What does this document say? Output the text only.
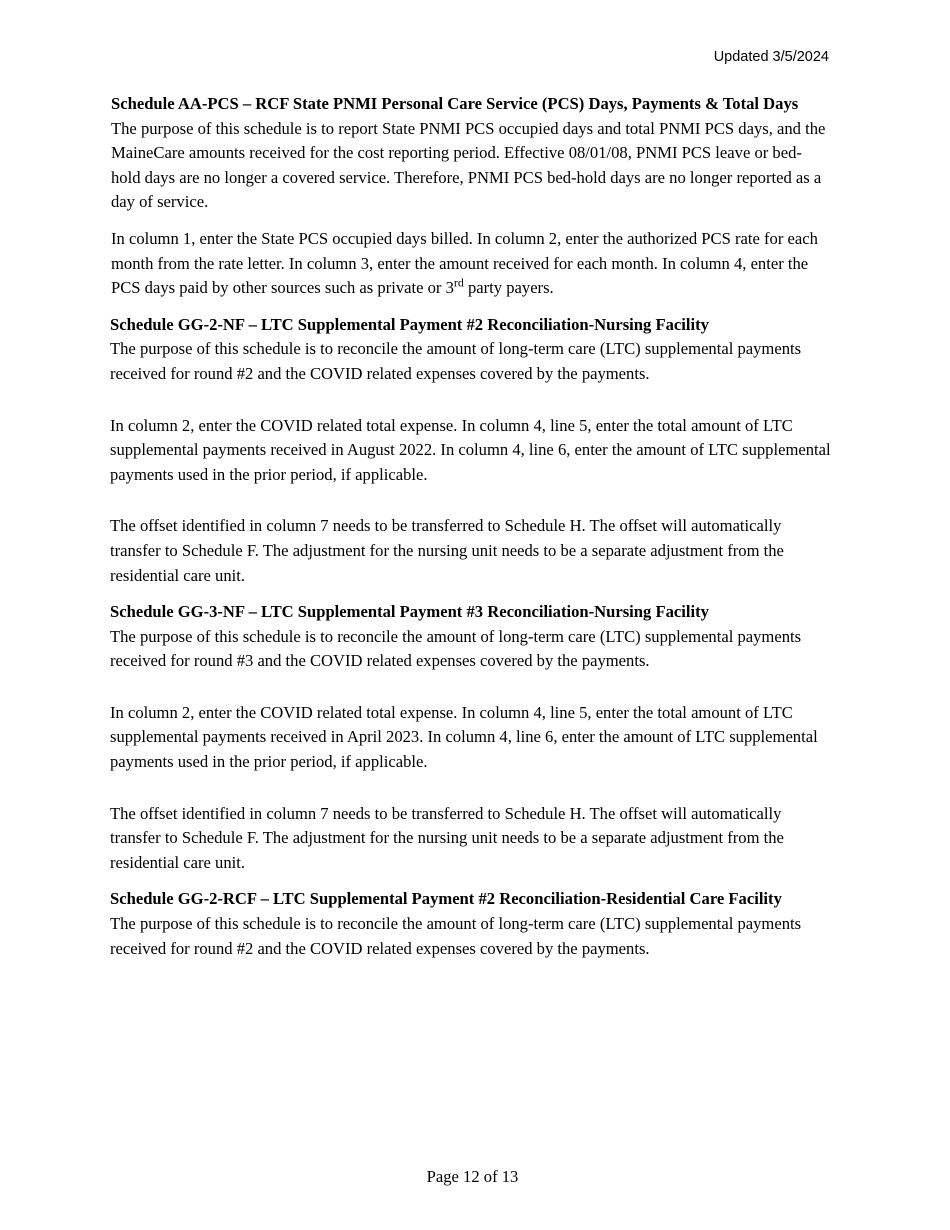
Updated 3/5/2024

Schedule AA-PCS – RCF State PNMI Personal Care Service (PCS) Days, Payments & Total Days

The purpose of this schedule is to report State PNMI PCS occupied days and total PNMI PCS days, and the MaineCare amounts received for the cost reporting period. Effective 08/01/08, PNMI PCS leave or bed-hold days are no longer a covered service. Therefore, PNMI PCS bed-hold days are no longer reported as a day of service.

In column 1, enter the State PCS occupied days billed. In column 2, enter the authorized PCS rate for each month from the rate letter. In column 3, enter the amount received for each month. In column 4, enter the PCS days paid by other sources such as private or 3rd party payers.

Schedule GG-2-NF – LTC Supplemental Payment #2 Reconciliation-Nursing Facility

The purpose of this schedule is to reconcile the amount of long-term care (LTC) supplemental payments received for round #2 and the COVID related expenses covered by the payments.

In column 2, enter the COVID related total expense. In column 4, line 5, enter the total amount of LTC supplemental payments received in August 2022. In column 4, line 6, enter the amount of LTC supplemental payments used in the prior period, if applicable.

The offset identified in column 7 needs to be transferred to Schedule H. The offset will automatically transfer to Schedule F. The adjustment for the nursing unit needs to be a separate adjustment from the residential care unit.

Schedule GG-3-NF – LTC Supplemental Payment #3 Reconciliation-Nursing Facility

The purpose of this schedule is to reconcile the amount of long-term care (LTC) supplemental payments received for round #3 and the COVID related expenses covered by the payments.

In column 2, enter the COVID related total expense. In column 4, line 5, enter the total amount of LTC supplemental payments received in April 2023. In column 4, line 6, enter the amount of LTC supplemental payments used in the prior period, if applicable.

The offset identified in column 7 needs to be transferred to Schedule H. The offset will automatically transfer to Schedule F. The adjustment for the nursing unit needs to be a separate adjustment from the residential care unit.

Schedule GG-2-RCF – LTC Supplemental Payment #2 Reconciliation-Residential Care Facility

The purpose of this schedule is to reconcile the amount of long-term care (LTC) supplemental payments received for round #2 and the COVID related expenses covered by the payments.

Page 12 of 13
